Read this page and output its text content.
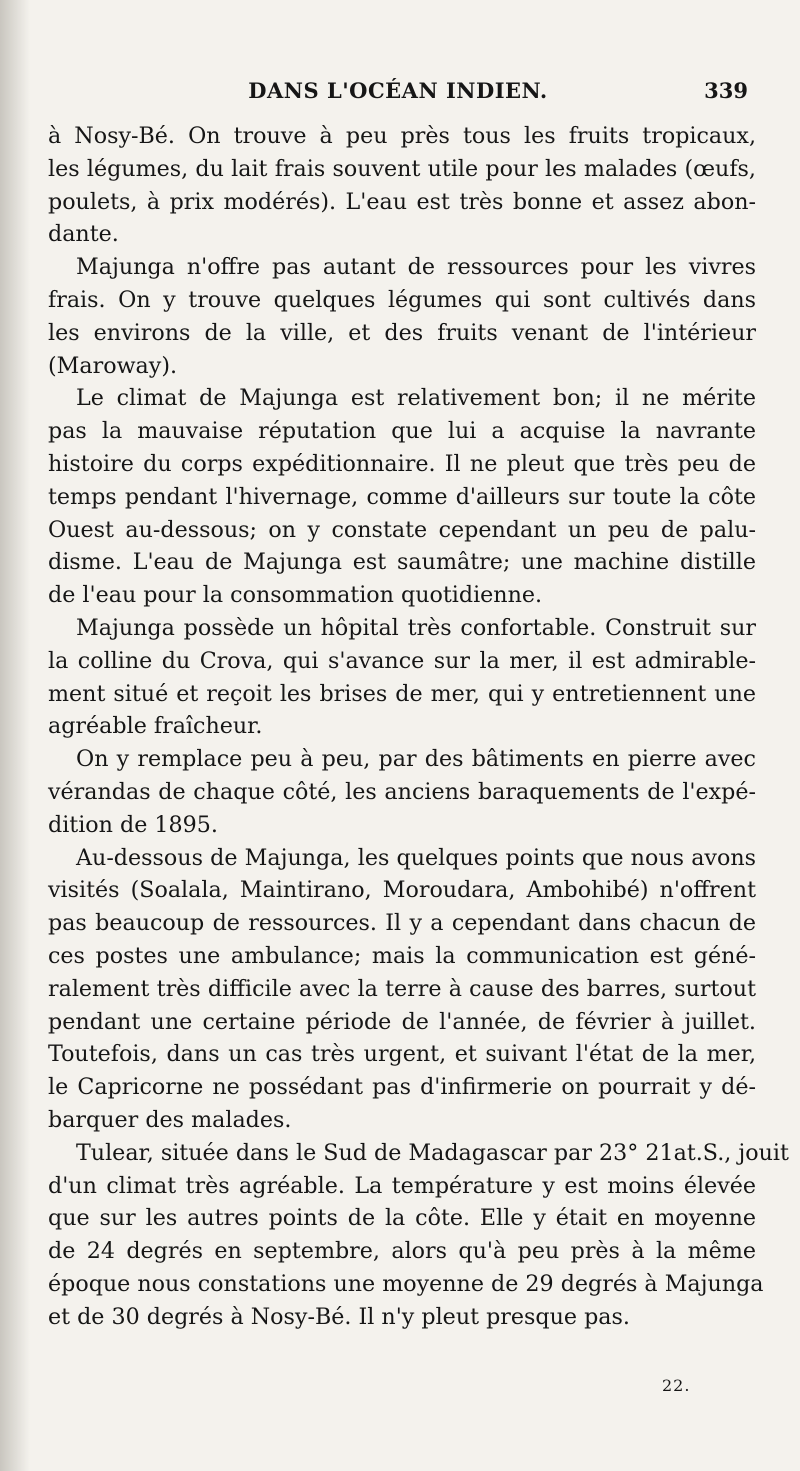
DANS L'OCÉAN INDIEN.	339
à Nosy-Bé. On trouve à peu près tous les fruits tropicaux,
les légumes, du lait frais souvent utile pour les malades (œufs,
poulets, à prix modérés). L'eau est très bonne et assez abon-
dante.
Majunga n'offre pas autant de ressources pour les vivres
frais. On y trouve quelques légumes qui sont cultivés dans
les environs de la ville, et des fruits venant de l'intérieur
(Maroway).
Le climat de Majunga est relativement bon; il ne mérite
pas la mauvaise réputation que lui a acquise la navrante
histoire du corps expéditionnaire. Il ne pleut que très peu de
temps pendant l'hivernage, comme d'ailleurs sur toute la côte
Ouest au-dessous; on y constate cependant un peu de palu-
disme. L'eau de Majunga est saumâtre; une machine distille
de l'eau pour la consommation quotidienne.
Majunga possède un hôpital très confortable. Construit sur
la colline du Crova, qui s'avance sur la mer, il est admirable-
ment situé et reçoit les brises de mer, qui y entretiennent une
agréable fraîcheur.
On y remplace peu à peu, par des bâtiments en pierre avec
vérandas de chaque côté, les anciens baraquements de l'expé-
dition de 1895.
Au-dessous de Majunga, les quelques points que nous avons
visités (Soalala, Maintirano, Moroudara, Ambohibé) n'offrent
pas beaucoup de ressources. Il y a cependant dans chacun de
ces postes une ambulance; mais la communication est géné-
ralement très difficile avec la terre à cause des barres, surtout
pendant une certaine période de l'année, de février à juillet.
Toutefois, dans un cas très urgent, et suivant l'état de la mer,
le Capricorne ne possédant pas d'infirmerie on pourrait y dé-
barquer des malades.
Tulear, située dans le Sud de Madagascar par 23° 21at.S., jouit
d'un climat très agréable. La température y est moins élevée
que sur les autres points de la côte. Elle y était en moyenne
de 24 degrés en septembre, alors qu'à peu près à la même
époque nous constations une moyenne de 29 degrés à Majunga
et de 30 degrés à Nosy-Bé. Il n'y pleut presque pas.
22.
